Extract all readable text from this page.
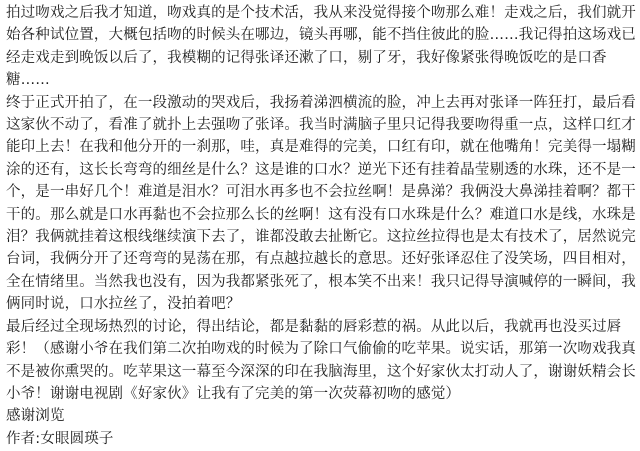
拍过吻戏之后我才知道，吻戏真的是个技术活，我从来没觉得接个吻那么难！走戏之后，我们就开始各种试位置，大概包括吻的时候头在哪边，镜头再哪，能不挡住彼此的脸……我记得拍这场戏已经走戏走到晚饭以后了，我模糊的记得张译还漱了口，剔了牙，我好像紧张得晚饭吃的是口香糖……

终于正式开拍了，在一段激动的哭戏后，我扬着涕泗横流的脸，冲上去再对张译一阵狂打，最后看这家伙不动了，看准了就扑上去强吻了张译。我当时满脑子里只记得我要吻得重一点，这样口红才能印上去！在我和他分开的一刹那，哇，真是难得的完美，口红有印，就在他嘴角！完美得一塌糊涂的还有，这长长弯弯的细丝是什么？这是谁的口水？逆光下还有挂着晶莹剔透的水珠，还不是一个，是一串好几个！难道是泪水？可泪水再多也不会拉丝啊！是鼻涕？我俩没大鼻涕挂着啊？都干干的。那么就是口水再黏也不会拉那么长的丝啊！这有没有口水珠是什么？难道口水是线，水珠是泪？我俩就挂着这根线继续演下去了，谁都没敢去扯断它。这拉丝拉得也是太有技术了，居然说完台词，我俩分开了还弯弯的晃荡在那，有点越拉越长的意思。还好张译忍住了没笑场，四目相对，全在情绪里。当然我也没有，因为我都紧张死了，根本笑不出来！我只记得导演喊停的一瞬间，我俩同时说，口水拉丝了，没拍着吧？

最后经过全现场热烈的讨论，得出结论，都是黏黏的唇彩惹的祸。从此以后，我就再也没买过唇彩！（感谢小爷在我们第二次拍吻戏的时候为了除口气偷偷的吃苹果。说实话，那第一次吻戏我真不是被你熏哭的。吃苹果这一幕至今深深的印在我脑海里，这个好家伙太打动人了，谢谢妖精会长小爷！谢谢电视剧《好家伙》让我有了完美的第一次荧幕初吻的感觉）

感谢浏览

作者:女眼圆瑛子
